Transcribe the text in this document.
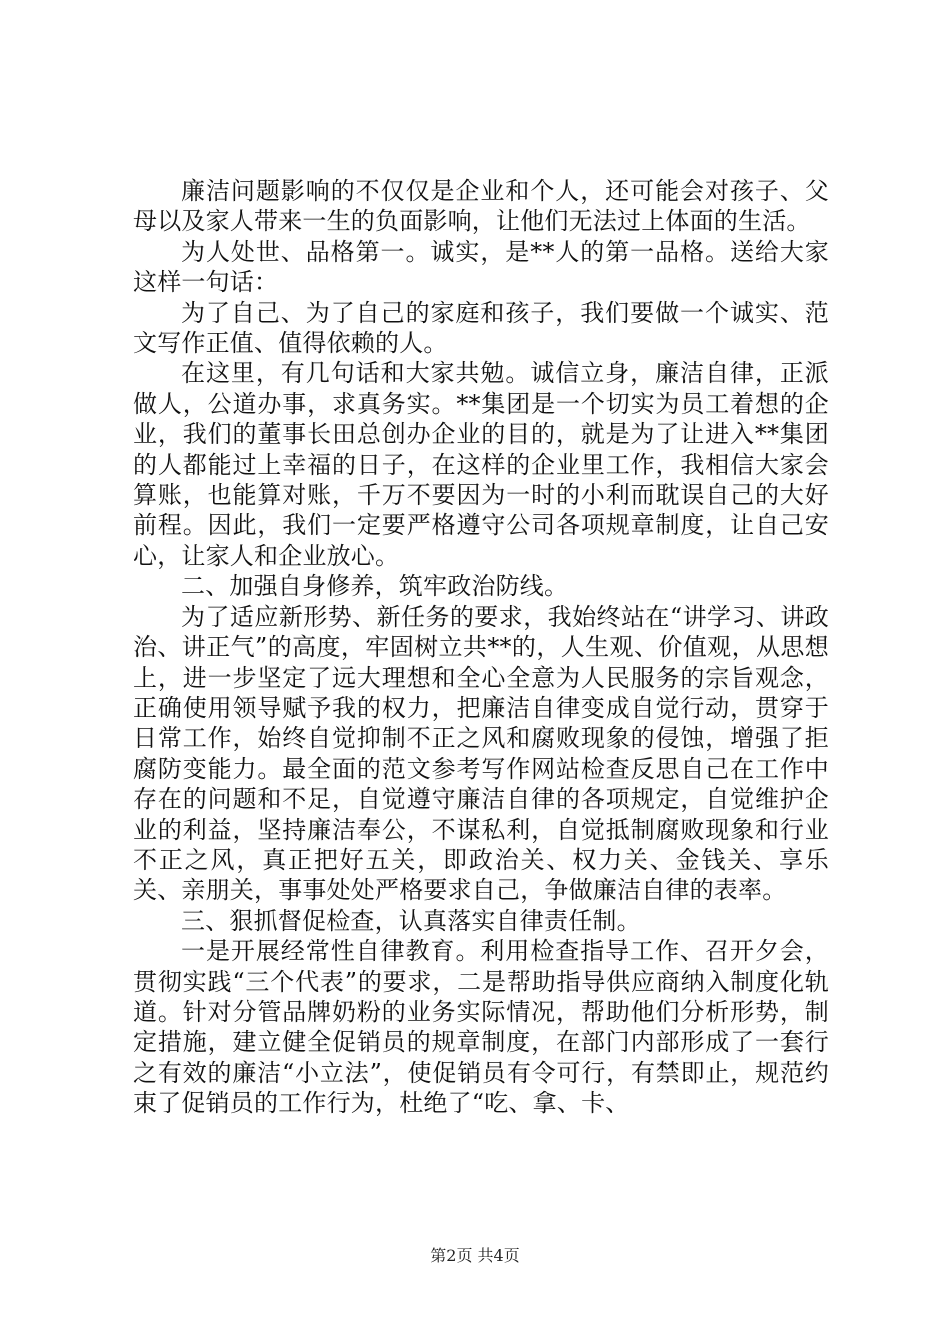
廉洁问题影响的不仅仅是企业和个人，还可能会对孩子、父母以及家人带来一生的负面影响，让他们无法过上体面的生活。

为人处世、品格第一。诚实，是**人的第一品格。送给大家这样一句话：

为了自己、为了自己的家庭和孩子，我们要做一个诚实、范文写作正值、值得依赖的人。

在这里，有几句话和大家共勉。诚信立身，廉洁自律，正派做人，公道办事，求真务实。**集团是一个切实为员工着想的企业，我们的董事长田总创办企业的目的，就是为了让进入**集团的人都能过上幸福的日子，在这样的企业里工作，我相信大家会算账，也能算对账，千万不要因为一时的小利而耽误自己的大好前程。因此，我们一定要严格遵守公司各项规章制度，让自己安心，让家人和企业放心。

二、加强自身修养，筑牢政治防线。

为了适应新形势、新任务的要求，我始终站在“讲学习、讲政治、讲正气”的高度，牢固树立共**的，人生观、价值观，从思想上，进一步坚定了远大理想和全心全意为人民服务的宗旨观念，正确使用领导赋予我的权力，把廉洁自律变成自觉行动，贯穿于日常工作，始终自觉抑制不正之风和腐败现象的侵蚀，增强了拒腐防变能力。最全面的范文参考写作网站检查反思自己在工作中存在的问题和不足，自觉遵守廉洁自律的各项规定，自觉维护企业的利益，坚持廉洁奉公，不谋私利，自觉抵制腐败现象和行业不正之风，真正把好五关，即政治关、权力关、金钱关、享乐关、亲朋关，事事处处严格要求自己，争做廉洁自律的表率。

三、狠抓督促检查，认真落实自律责任制。

一是开展经常性自律教育。利用检查指导工作、召开夕会，贯彻实践“三个代表”的要求，二是帮助指导供应商纳入制度化轨道。针对分管品牌奶粉的业务实际情况，帮助他们分析形势，制定措施，建立健全促销员的规章制度，在部门内部形成了一套行之有效的廉洁“小立法”，使促销员有令可行，有禁即止，规范约束了促销员的工作行为，杜绝了“吃、拿、卡、

第2页 共4页
